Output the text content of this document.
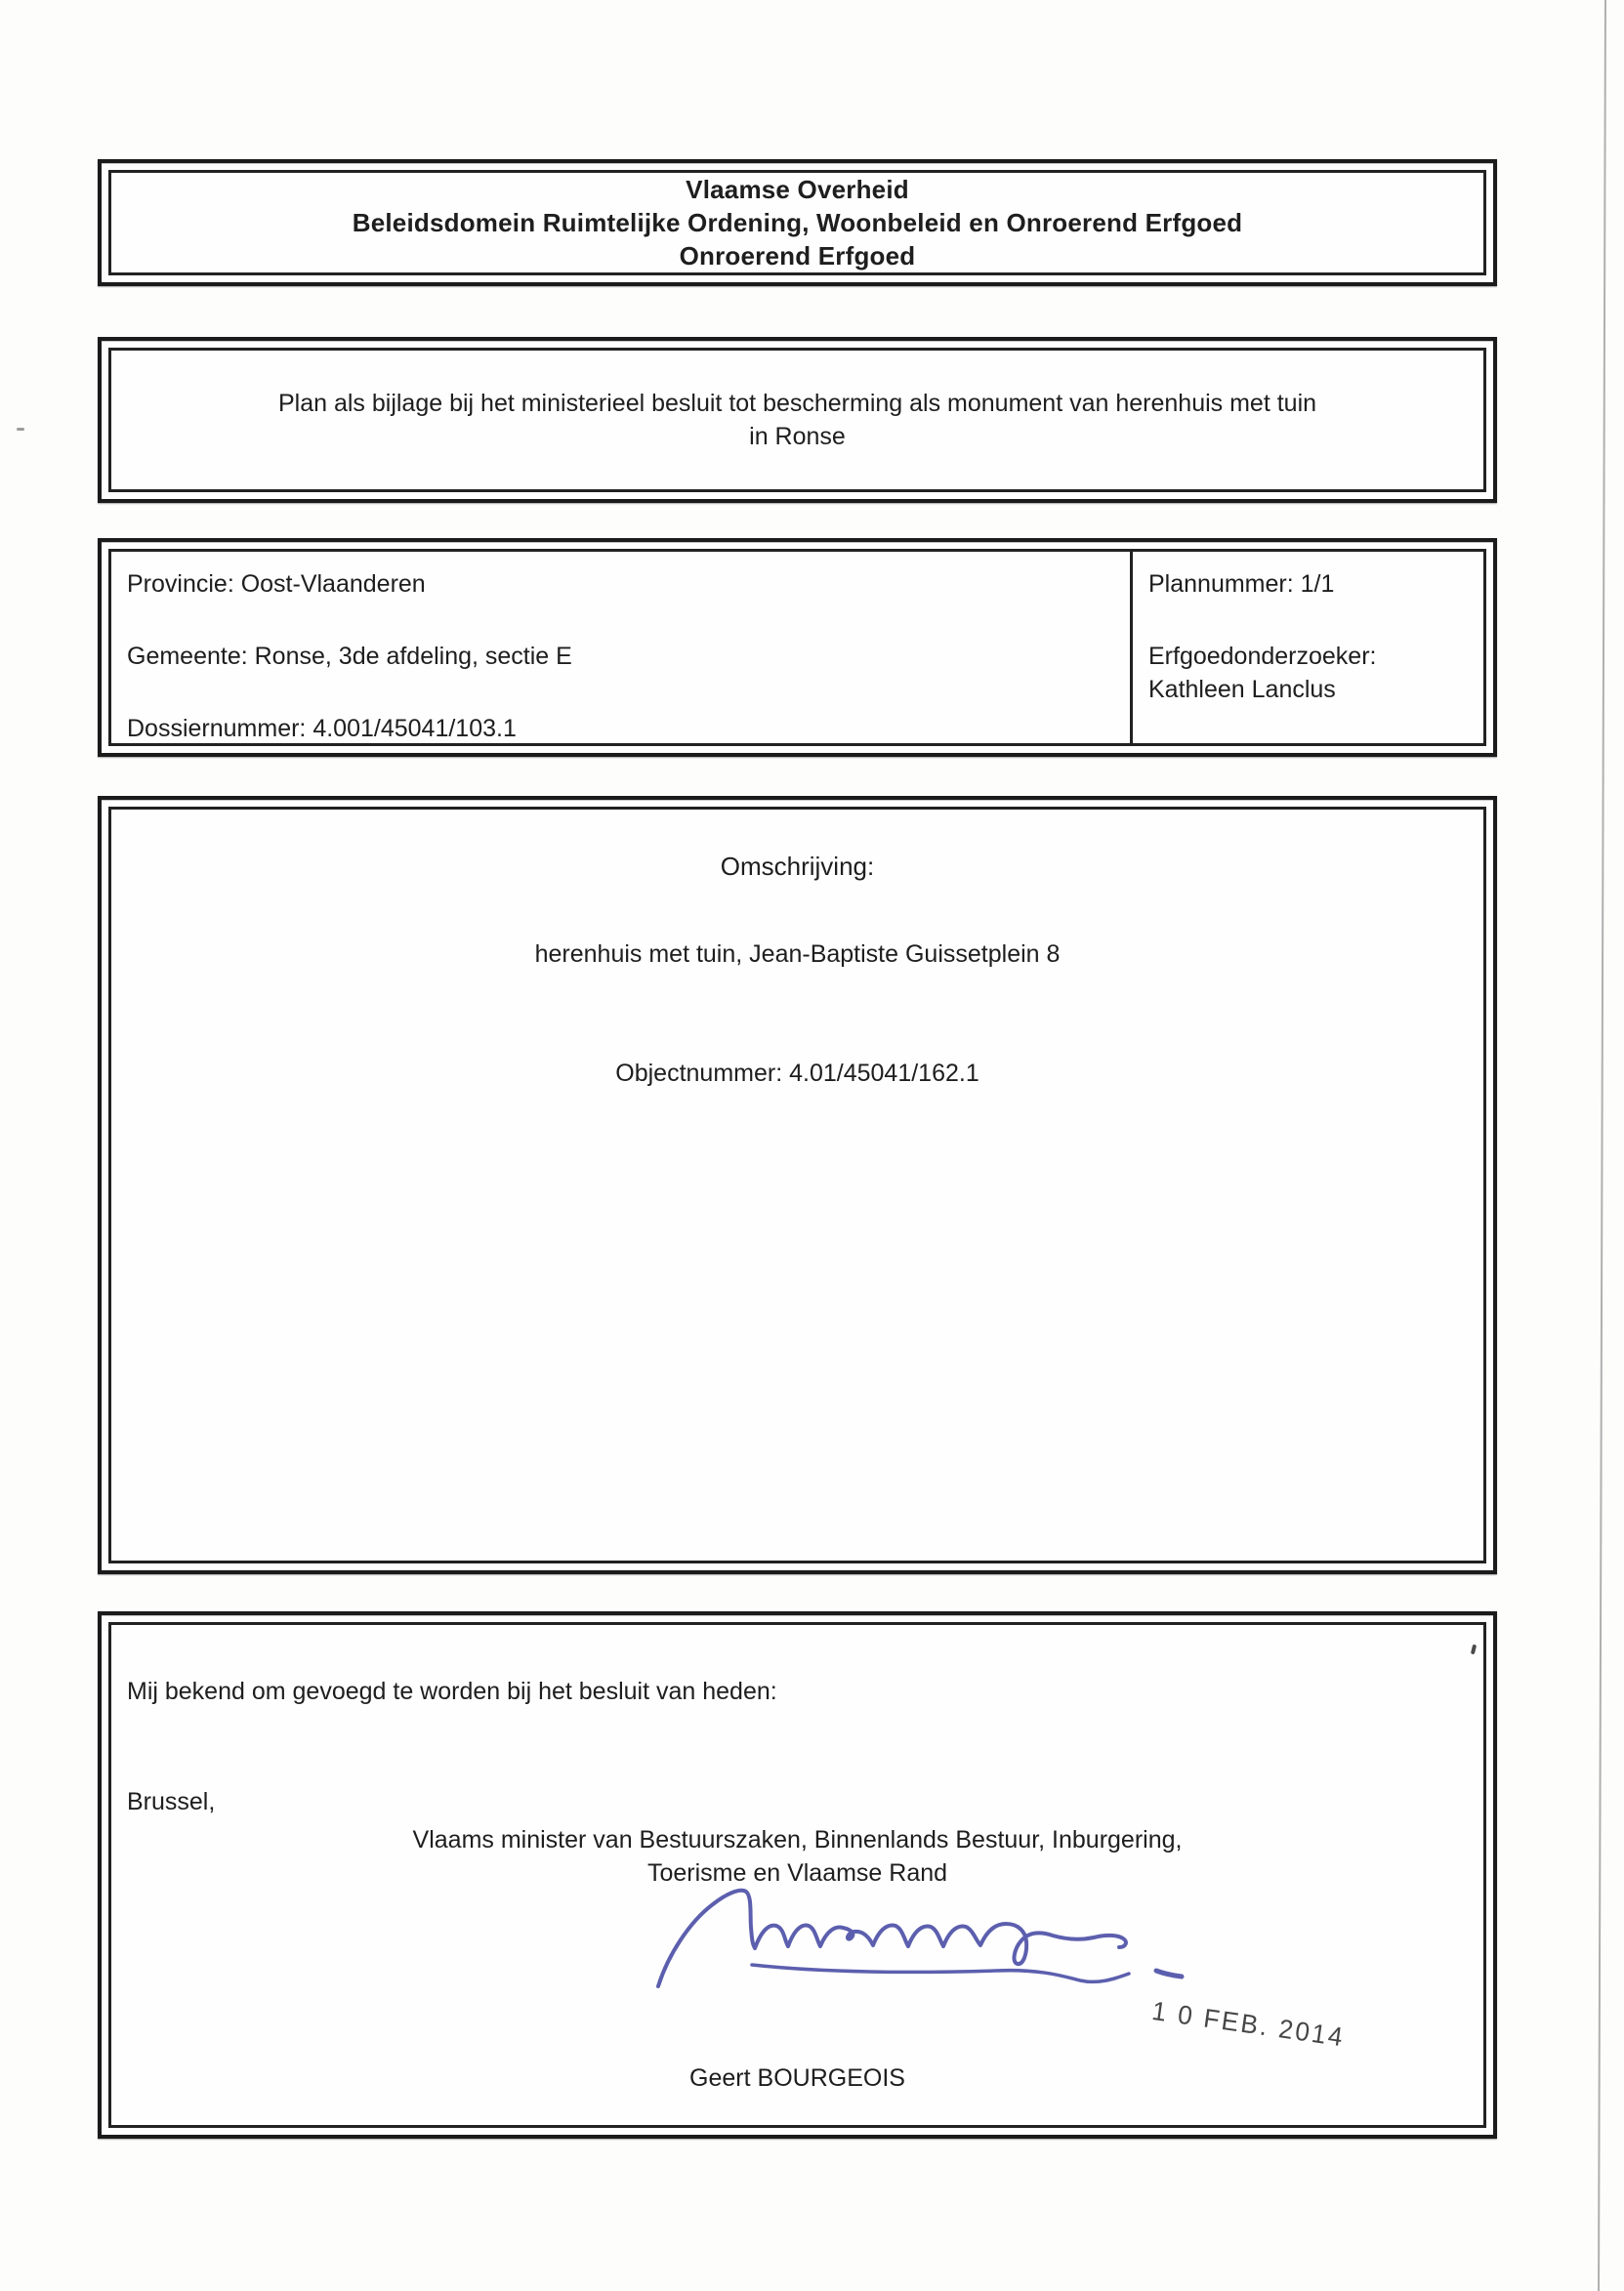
Vlaamse Overheid
Beleidsdomein Ruimtelijke Ordening, Woonbeleid en Onroerend Erfgoed
Onroerend Erfgoed
Plan als bijlage bij het ministerieel besluit tot bescherming als monument van herenhuis met tuin
in Ronse
Provincie: Oost-Vlaanderen
Gemeente: Ronse, 3de afdeling, sectie E
Dossiernummer: 4.001/45041/103.1
Plannummer: 1/1
Erfgoedonderzoeker:
Kathleen Lanclus
Omschrijving:
herenhuis met tuin, Jean-Baptiste Guissetplein 8
Objectnummer: 4.01/45041/162.1
Mij bekend om gevoegd te worden bij het besluit van heden:
Brussel,
Vlaams minister van Bestuurszaken, Binnenlands Bestuur, Inburgering,
Toerisme en Vlaamse Rand
1 0 FEB. 2014
Geert BOURGEOIS
